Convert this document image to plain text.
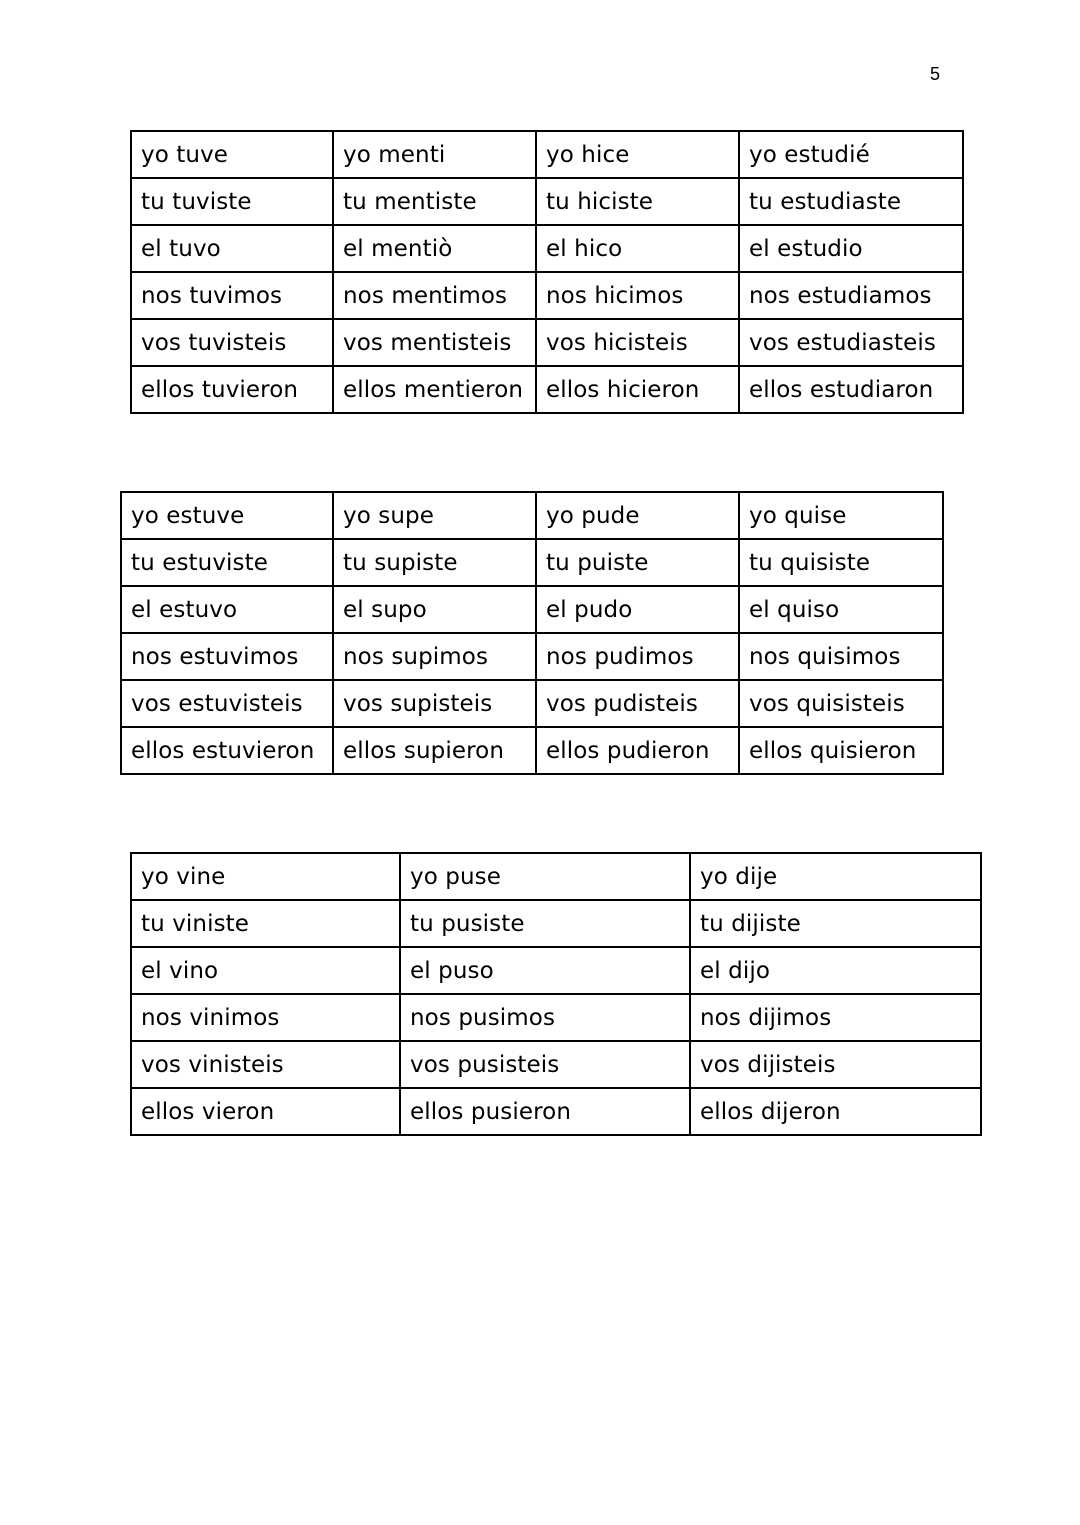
5
yo tuve	yo menti	yo hice	yo estudié
tu tuviste	tu mentiste	tu hiciste	tu estudiaste
el tuvo	el mentiò	el hico	el estudio
nos tuvimos	nos mentimos	nos hicimos	nos estudiamos
vos tuvisteis	vos mentisteis	vos hicisteis	vos estudiasteis
ellos tuvieron	ellos mentieron	ellos hicieron	ellos estudiaron
yo estuve	yo supe	yo pude	yo quise
tu estuviste	tu supiste	tu puiste	tu quisiste
el estuvo	el supo	el pudo	el quiso
nos estuvimos	nos supimos	nos pudimos	nos quisimos
vos estuvisteis	vos supisteis	vos pudisteis	vos quisisteis
ellos estuvieron	ellos supieron	ellos pudieron	ellos quisieron
yo vine	yo puse	yo dije
tu viniste	tu pusiste	tu dijiste
el vino	el puso	el dijo
nos vinimos	nos pusimos	nos dijimos
vos vinisteis	vos pusisteis	vos dijisteis
ellos vieron	ellos pusieron	ellos dijeron
